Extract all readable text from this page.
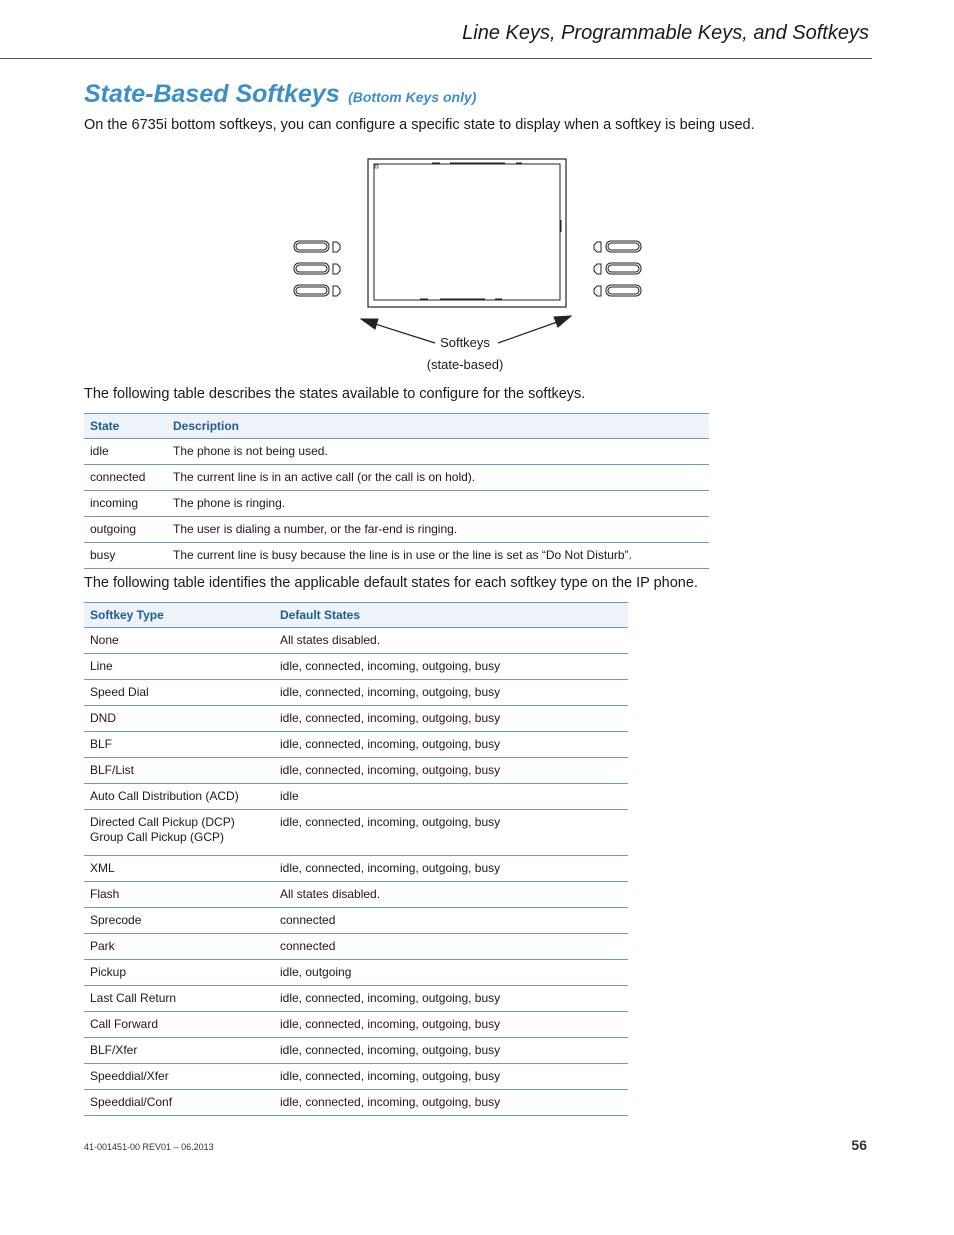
Line Keys, Programmable Keys, and Softkeys
State-Based Softkeys (Bottom Keys only)
On the 6735i bottom softkeys, you can configure a specific state to display when a softkey is being used.
Softkeys
(state-based)
The following table describes the states available to configure for the softkeys.
State	Description
idle	The phone is not being used.
connected	The current line is in an active call (or the call is on hold).
incoming	The phone is ringing.
outgoing	The user is dialing a number, or the far-end is ringing.
busy	The current line is busy because the line is in use or the line is set as “Do Not Disturb”.
The following table identifies the applicable default states for each softkey type on the IP phone.
Softkey Type	Default States
None	All states disabled.
Line	idle, connected, incoming, outgoing, busy
Speed Dial	idle, connected, incoming, outgoing, busy
DND	idle, connected, incoming, outgoing, busy
BLF	idle, connected, incoming, outgoing, busy
BLF/List	idle, connected, incoming, outgoing, busy
Auto Call Distribution (ACD)	idle

Directed Call Pickup (DCP)
Group Call Pickup (GCP)	idle, connected, incoming, outgoing, busy
XML	idle, connected, incoming, outgoing, busy
Flash	All states disabled.
Sprecode	connected
Park	connected
Pickup	idle, outgoing
Last Call Return	idle, connected, incoming, outgoing, busy
Call Forward	idle, connected, incoming, outgoing, busy
BLF/Xfer	idle, connected, incoming, outgoing, busy
Speeddial/Xfer	idle, connected, incoming, outgoing, busy
Speeddial/Conf	idle, connected, incoming, outgoing, busy
41-001451-00 REV01 – 06.2013	56
